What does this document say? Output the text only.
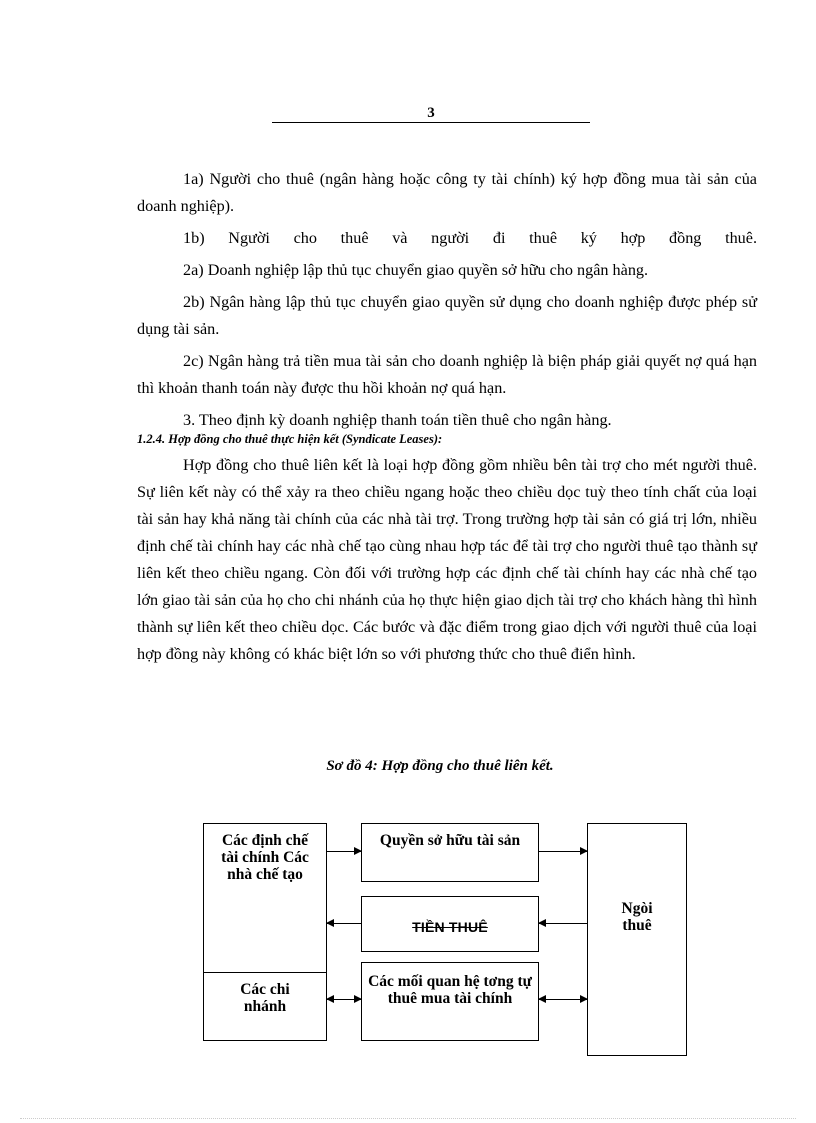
3

1a) Người cho thuê (ngân hàng hoặc công ty tài chính) ký hợp đồng mua tài sản của doanh nghiệp).

1b) Người cho thuê và người đi thuê ký hợp đồng thuê.

2a) Doanh nghiệp lập thủ tục chuyển giao quyền sở hữu cho ngân hàng.

2b) Ngân hàng lập thủ tục chuyển giao quyền sử dụng cho doanh nghiệp được phép sử dụng tài sản.

2c) Ngân hàng trả tiền mua tài sản cho doanh nghiệp là biện pháp giải quyết nợ quá hạn thì khoản thanh toán này được thu hồi khoản nợ quá hạn.

3. Theo định kỳ doanh nghiệp thanh toán tiền thuê cho ngân hàng.

1.2.4. Hợp đồng cho thuê thực hiện kết (Syndicate Leases):

Hợp đồng cho thuê liên kết là loại hợp đồng gồm nhiều bên tài trợ cho mét người thuê. Sự liên kết này có thể xảy ra theo chiều ngang hoặc theo chiều dọc tuỳ theo tính chất của loại tài sản hay khả năng tài chính của các nhà tài trợ. Trong trường hợp tài sản có giá trị lớn, nhiều định chế tài chính hay các nhà chế tạo cùng nhau hợp tác để tài trợ cho người thuê tạo thành sự liên kết theo chiều ngang. Còn đối với trường hợp các định chế tài chính hay các nhà chế tạo lớn giao tài sản của họ cho chi nhánh của họ thực hiện giao dịch tài trợ cho khách hàng thì hình thành sự liên kết theo chiều dọc. Các bước và đặc điểm trong giao dịch với người thuê của loại hợp đồng này không có khác biệt lớn so với phương thức cho thuê điển hình.

Sơ đồ 4: Hợp đồng cho thuê liên kết.
Các định chế tài chính Các nhà chế tạo
Các chi nhánh
Quyền sở hữu tài sản
TIỀN THUÊ
Các mối quan hệ tơng tự thuê mua tài chính
Ngòi thuê
